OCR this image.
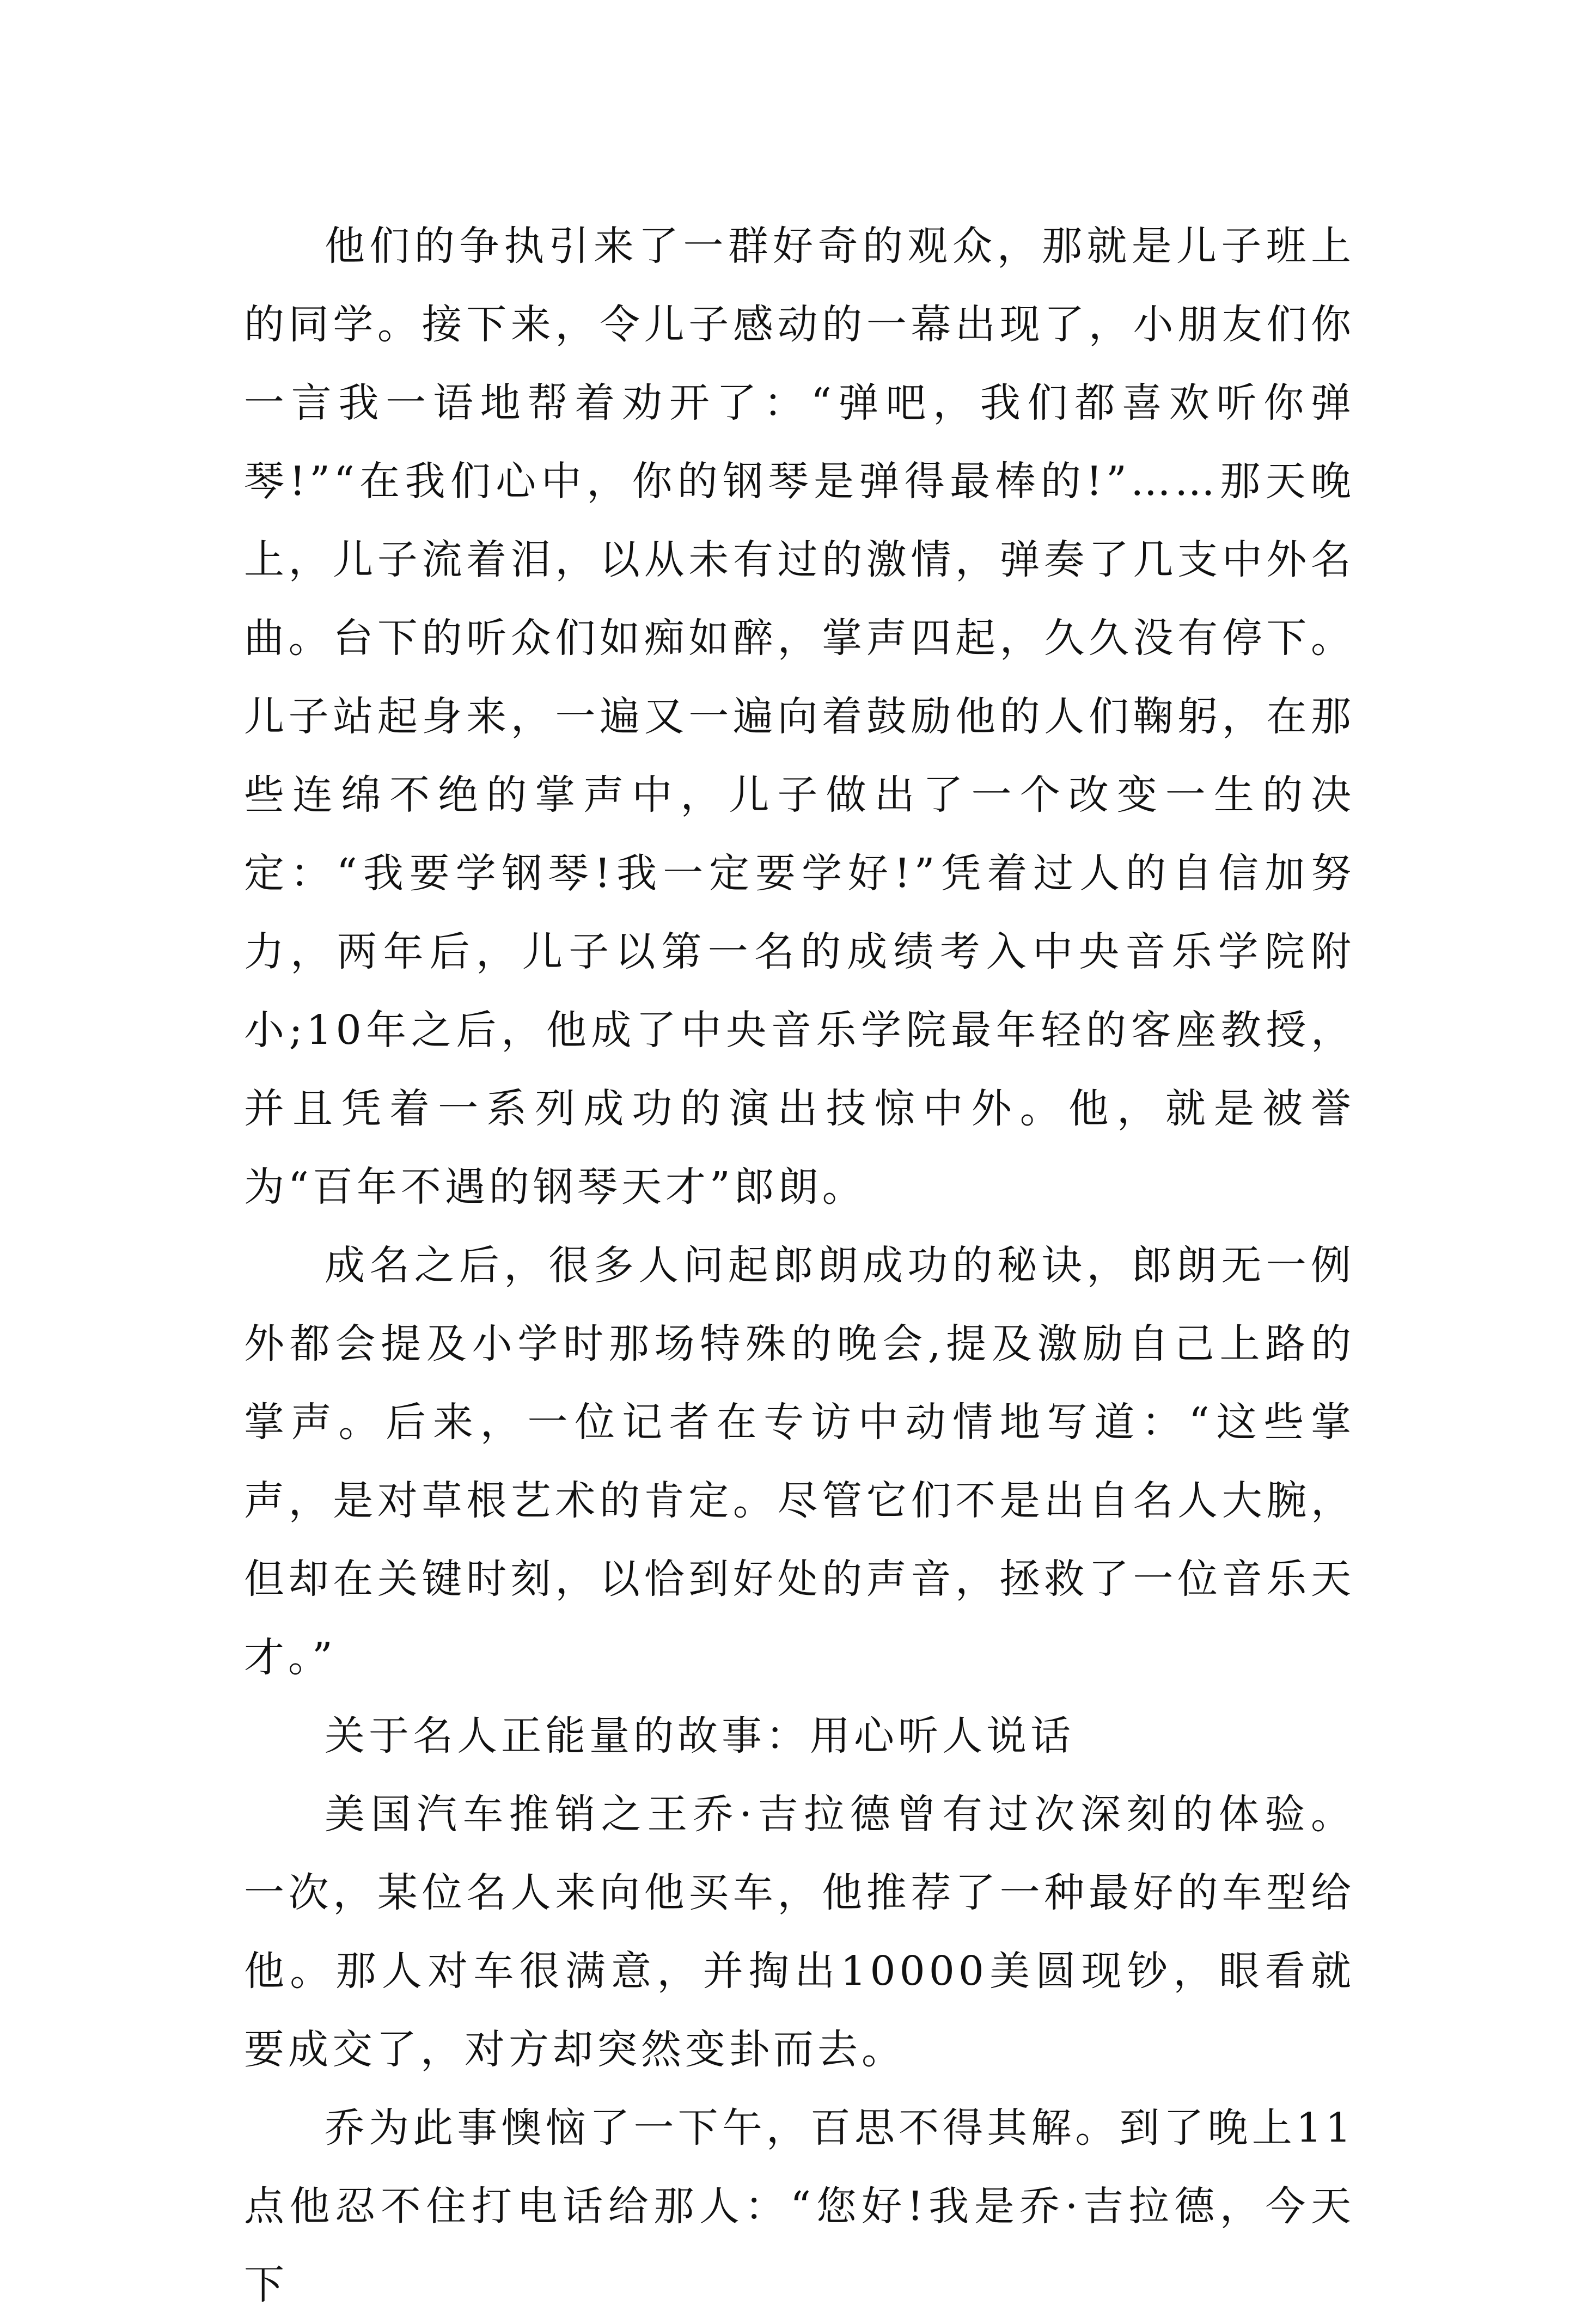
他们的争执引来了一群好奇的观众，那就是儿子班上的同学。接下来，令儿子感动的一幕出现了，小朋友们你一言我一语地帮着劝开了：“弹吧，我们都喜欢听你弹琴!”“在我们心中，你的钢琴是弹得最棒的!”……那天晚上，儿子流着泪，以从未有过的激情，弹奏了几支中外名曲。台下的听众们如痴如醉，掌声四起，久久没有停下。儿子站起身来，一遍又一遍向着鼓励他的人们鞠躬，在那些连绵不绝的掌声中，儿子做出了一个改变一生的决定：“我要学钢琴!我一定要学好!”凭着过人的自信加努力，两年后，儿子以第一名的成绩考入中央音乐学院附小;10年之后，他成了中央音乐学院最年轻的客座教授，并且凭着一系列成功的演出技惊中外。他，就是被誉为“百年不遇的钢琴天才”郎朗。

成名之后，很多人问起郎朗成功的秘诀，郎朗无一例外都会提及小学时那场特殊的晚会,提及激励自己上路的掌声。后来，一位记者在专访中动情地写道：“这些掌声，是对草根艺术的肯定。尽管它们不是出自名人大腕，但却在关键时刻，以恰到好处的声音，拯救了一位音乐天才。”

关于名人正能量的故事：用心听人说话

美国汽车推销之王乔·吉拉德曾有过次深刻的体验。一次，某位名人来向他买车，他推荐了一种最好的车型给他。那人对车很满意，并掏出10000美圆现钞，眼看就要成交了，对方却突然变卦而去。

乔为此事懊恼了一下午，百思不得其解。到了晚上11点他忍不住打电话给那人：“您好!我是乔·吉拉德，今天下
